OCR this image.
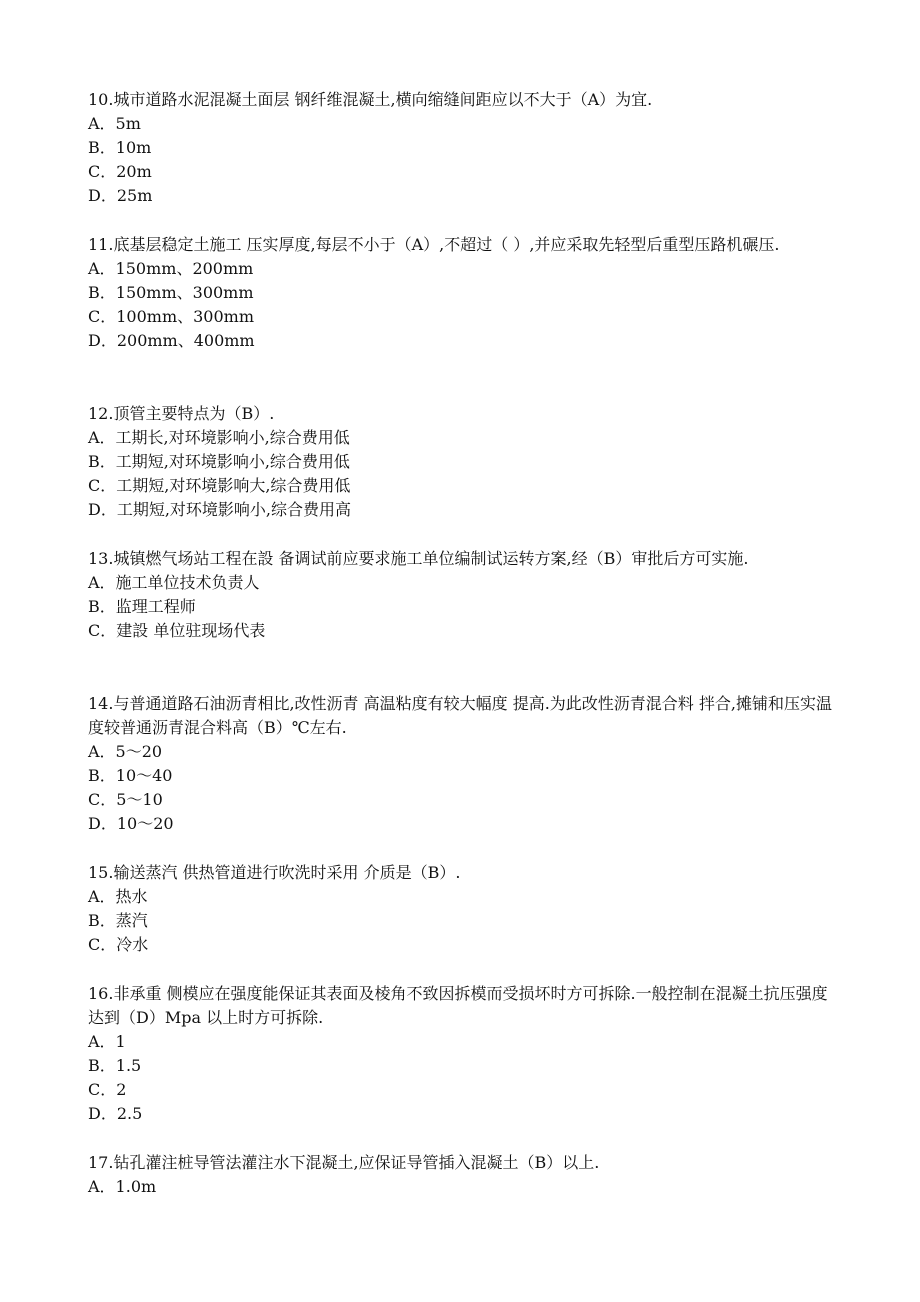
10.城市道路水泥混凝土面层 钢纤维混凝土,横向缩缝间距应以不大于（A）为宜.

A．5m

B．10m

C．20m

D．25m

11.底基层稳定土施工 压实厚度,每层不小于（A）,不超过（ ）,并应采取先轻型后重型压路机碾压.

A．150mm、200mm

B．150mm、300mm

C．100mm、300mm

D．200mm、400mm

12.顶管主要特点为（B）.

A．工期长,对环境影响小,综合费用低

B．工期短,对环境影响小,综合费用低

C．工期短,对环境影响大,综合费用低

D．工期短,对环境影响小,综合费用高

13.城镇燃气场站工程在設 备调试前应要求施工单位编制试运转方案,经（B）审批后方可实施.

A．施工单位技术负责人

B．监理工程师

C．建設 单位驻现场代表

14.与普通道路石油沥青相比,改性沥青 高温粘度有较大幅度 提高.为此改性沥青混合料 拌合,摊铺和压实温度较普通沥青混合料高（B）℃左右.

A．5～20

B．10～40

C．5～10

D．10～20

15.输送蒸汽 供热管道进行吹洗时采用 介质是（B）.

A．热水

B．蒸汽

C．冷水

16.非承重 侧模应在强度能保证其表面及棱角不致因拆模而受损坏时方可拆除.一般控制在混凝土抗压强度达到（D）Mpa 以上时方可拆除.

A．1

B．1.5

C．2

D．2.5

17.钻孔灌注桩导管法灌注水下混凝土,应保证导管插入混凝土（B）以上.

A．1.0m
